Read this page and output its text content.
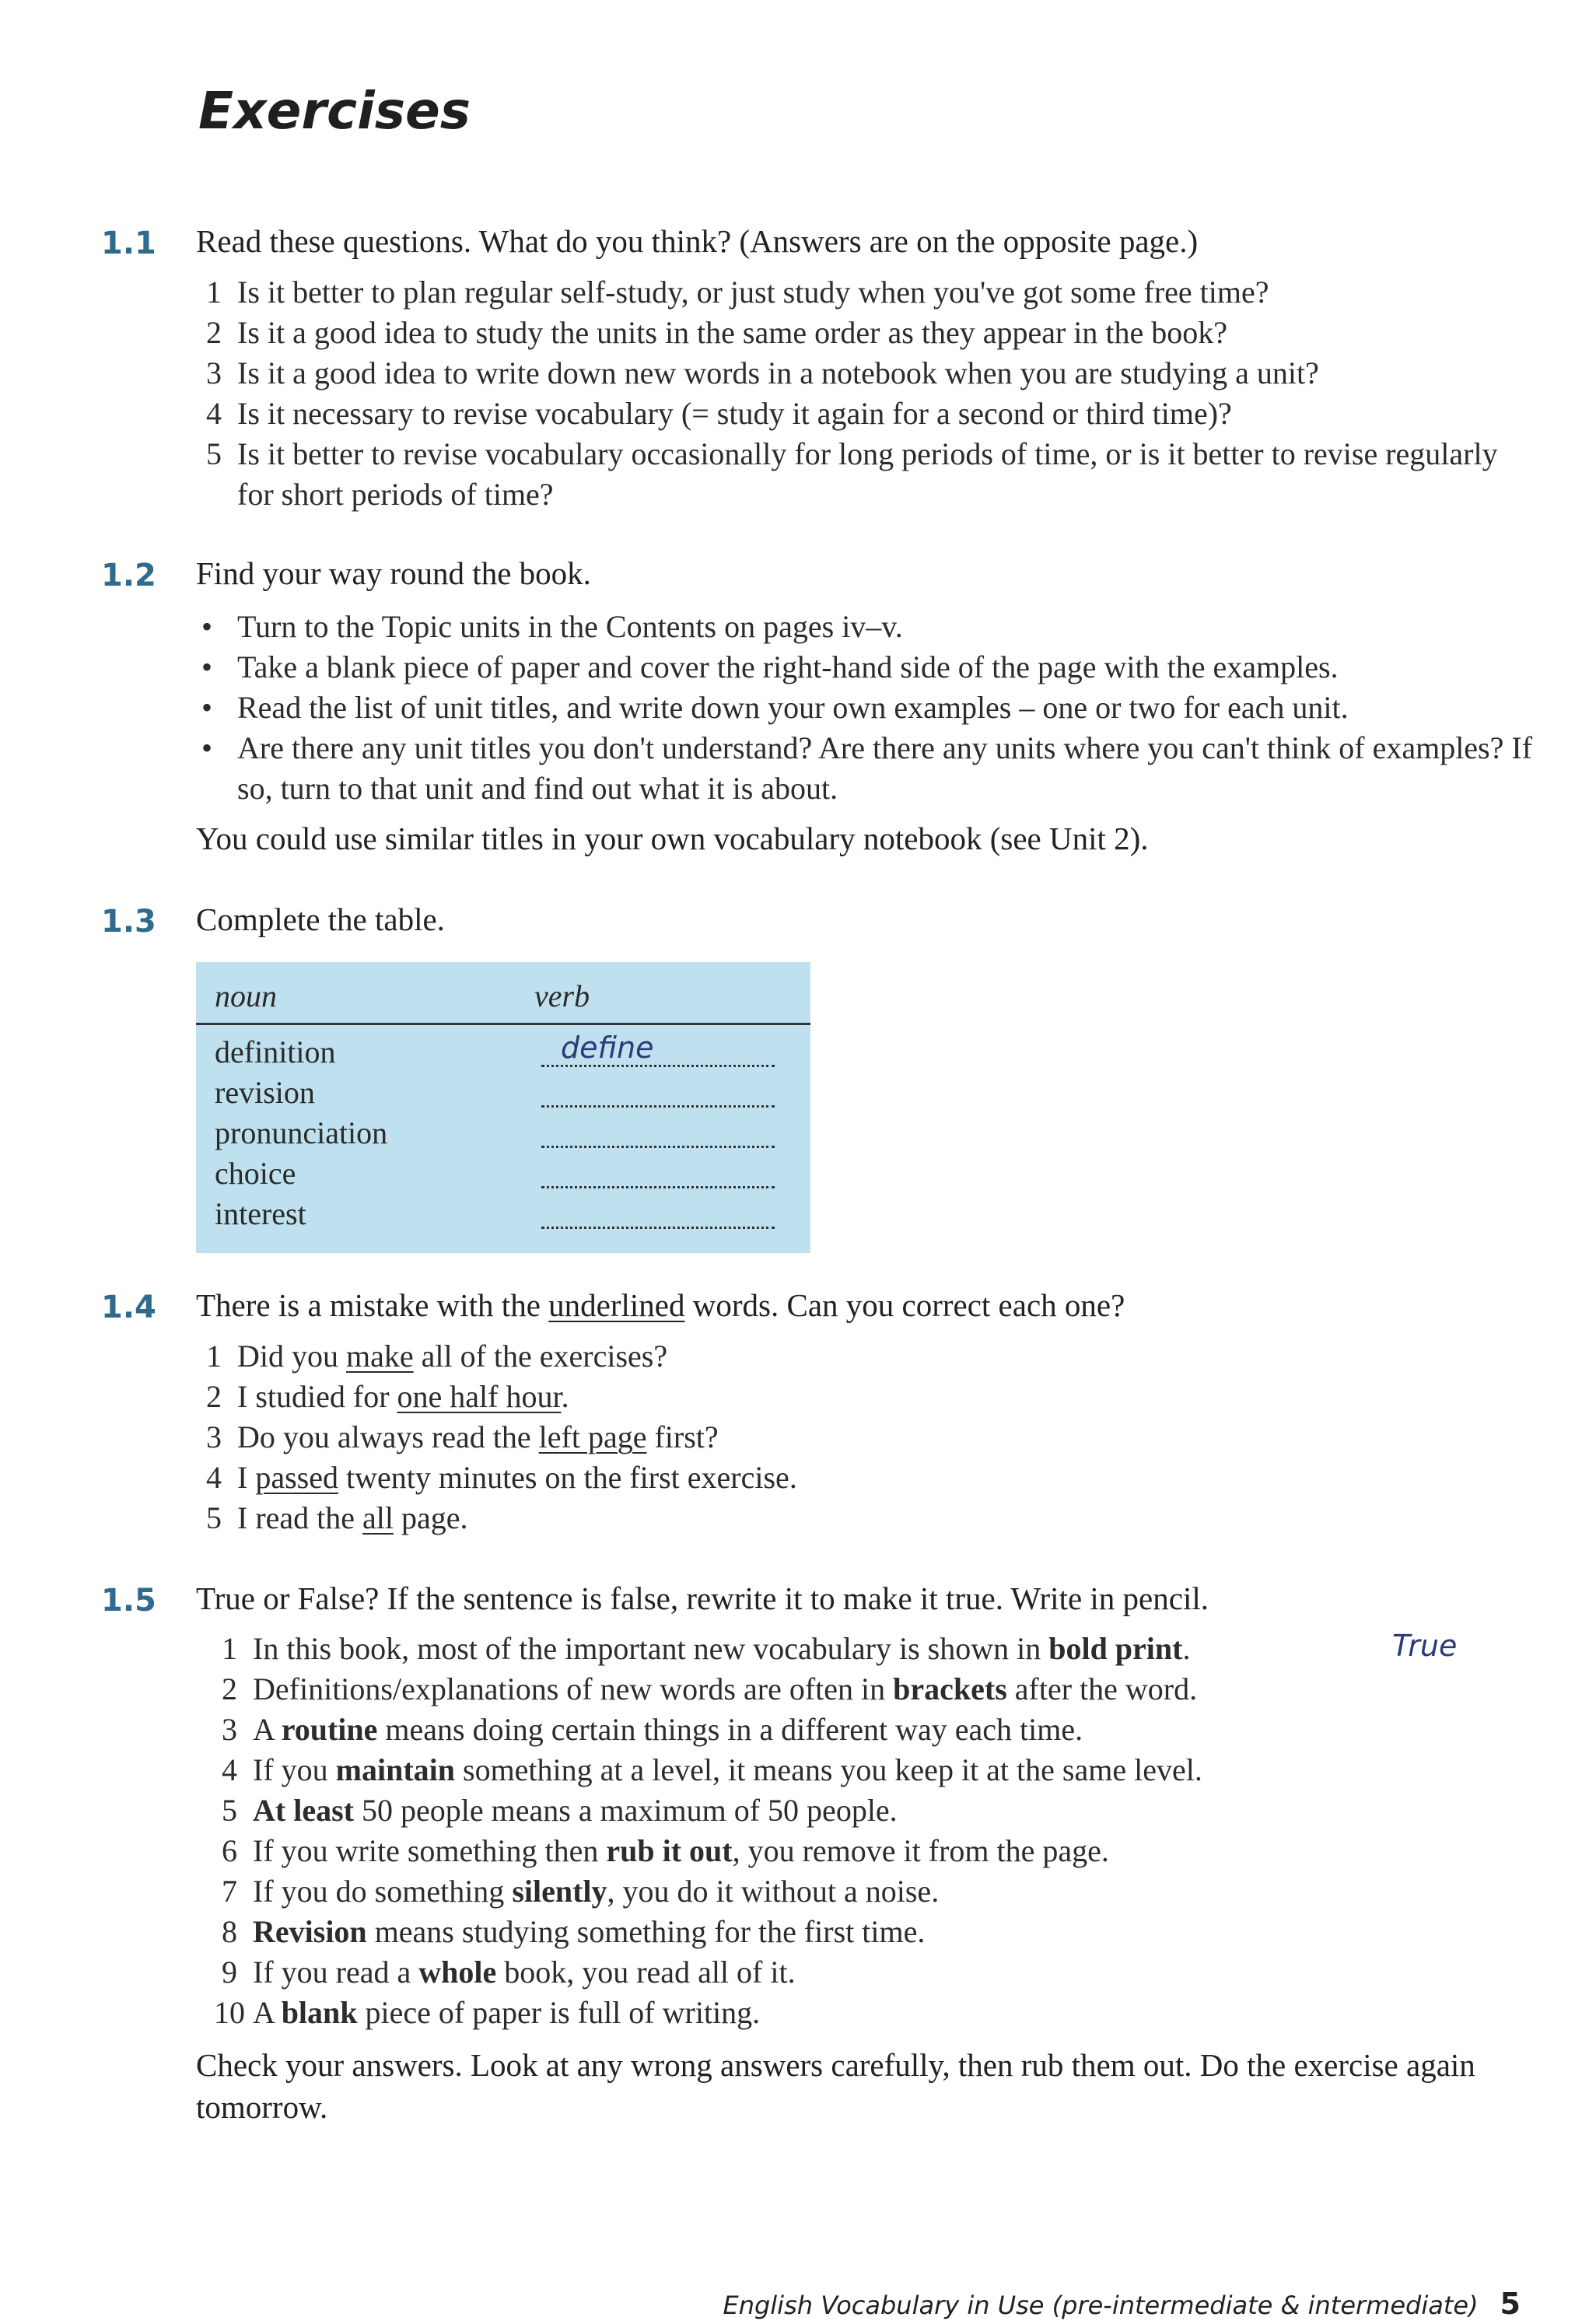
Exercises
1.1 Read these questions. What do you think? (Answers are on the opposite page.)
1 Is it better to plan regular self-study, or just study when you've got some free time?
2 Is it a good idea to study the units in the same order as they appear in the book?
3 Is it a good idea to write down new words in a notebook when you are studying a unit?
4 Is it necessary to revise vocabulary (= study it again for a second or third time)?
5 Is it better to revise vocabulary occasionally for long periods of time, or is it better to revise regularly for short periods of time?
1.2 Find your way round the book.
• Turn to the Topic units in the Contents on pages iv–v.
• Take a blank piece of paper and cover the right-hand side of the page with the examples.
• Read the list of unit titles, and write down your own examples – one or two for each unit.
• Are there any unit titles you don't understand? Are there any units where you can't think of examples? If so, turn to that unit and find out what it is about.
You could use similar titles in your own vocabulary notebook (see Unit 2).
1.3 Complete the table.
noun	verb
definition	define
revision
pronunciation
choice
interest
1.4 There is a mistake with the underlined words. Can you correct each one?
1 Did you make all of the exercises?
2 I studied for one half hour.
3 Do you always read the left page first?
4 I passed twenty minutes on the first exercise.
5 I read the all page.
1.5 True or False? If the sentence is false, rewrite it to make it true. Write in pencil.
1 In this book, most of the important new vocabulary is shown in bold print.
2 Definitions/explanations of new words are often in brackets after the word.
3 A routine means doing certain things in a different way each time.
4 If you maintain something at a level, it means you keep it at the same level.
5 At least 50 people means a maximum of 50 people.
6 If you write something then rub it out, you remove it from the page.
7 If you do something silently, you do it without a noise.
8 Revision means studying something for the first time.
9 If you read a whole book, you read all of it.
10 A blank piece of paper is full of writing.
True
Check your answers. Look at any wrong answers carefully, then rub them out. Do the exercise again tomorrow.
English Vocabulary in Use (pre-intermediate & intermediate) 5
